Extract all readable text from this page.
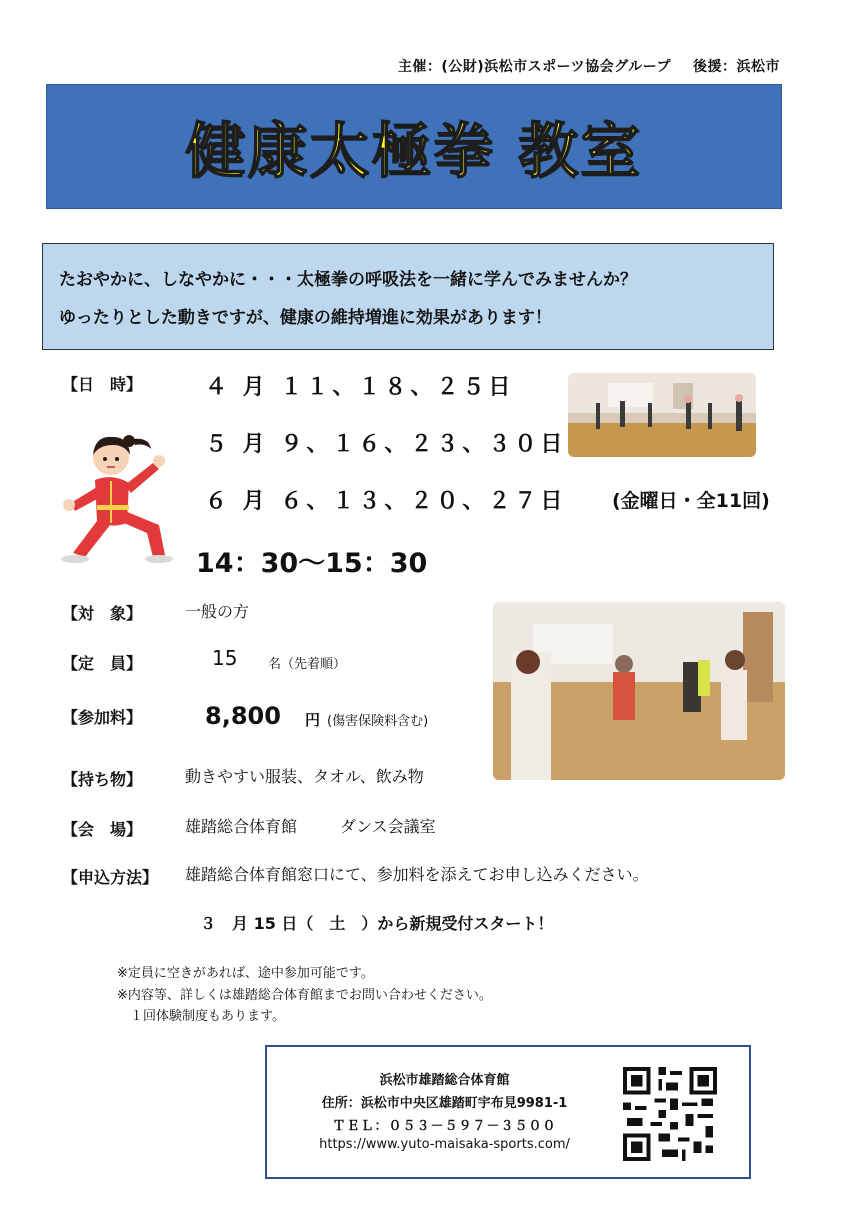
主催：(公財)浜松市スポーツ協会グループ 後援：浜松市
健康太極拳 教室
たおやかに、しなやかに・・・太極拳の呼吸法を一緒に学んでみませんか？
ゆったりとした動きですが、健康の維持増進に効果があります！
【日　時】	４ 月 １１、１８、２５日
５ 月 ９、１６、２３、３０日
６ 月 ６、１３、２０、２７日 (金曜日・全11回)
14：30～15：30
【対　象】	一般の方
【定　員】	15 名（先着順）
【参加料】	8,800 円 (傷害保険料含む)
【持ち物】	動きやすい服装、タオル、飲み物
【会　場】	雄踏総合体育館	ダンス会議室
【申込方法】 雄踏総合体育館窓口にて、参加料を添えてお申し込みください。
３　月 15 日（　土　）から新規受付スタート！
※定員に空きがあれば、途中参加可能です。
※内容等、詳しくは雄踏総合体育館までお問い合わせください。
１回体験制度もあります。
浜松市雄踏総合体育館
住所：浜松市中央区雄踏町宇布見9981-1
ＴＥＬ：０５３－５９７－３５００
https://www.yuto-maisaka-sports.com/
